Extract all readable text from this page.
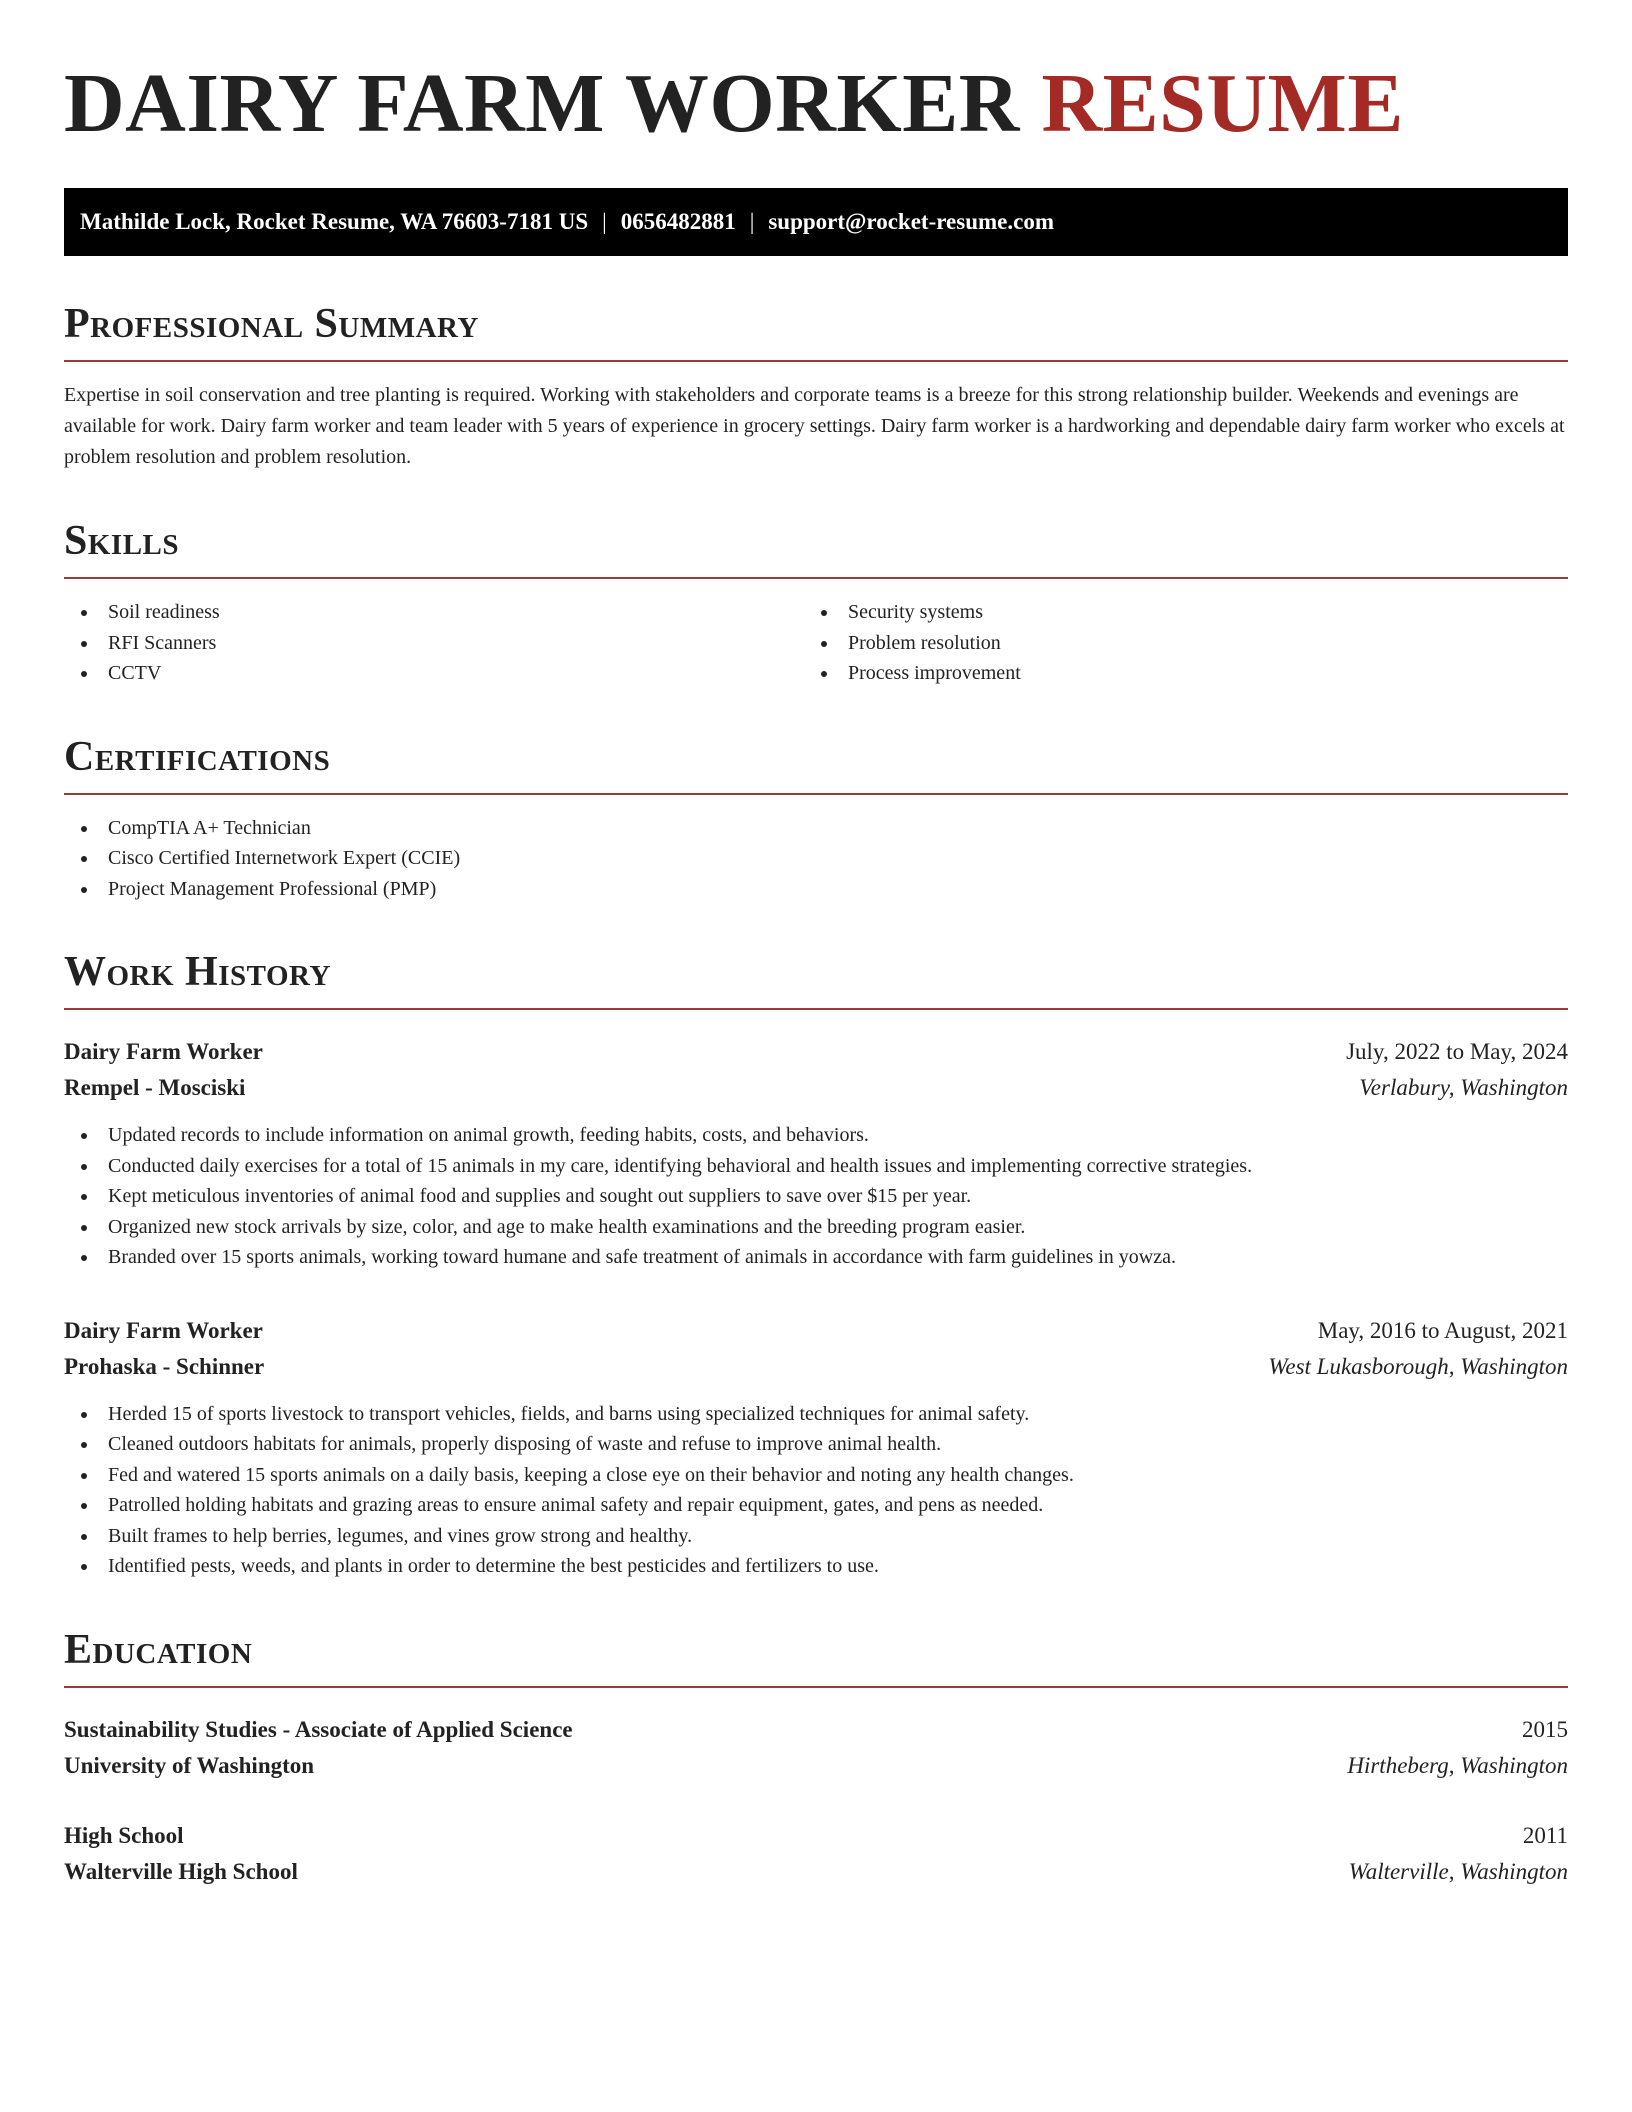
DAIRY FARM WORKER RESUME
Mathilde Lock, Rocket Resume, WA 76603-7181 US | 0656482881 | support@rocket-resume.com
Professional Summary

Expertise in soil conservation and tree planting is required. Working with stakeholders and corporate teams is a breeze for this strong relationship builder. Weekends and evenings are available for work. Dairy farm worker and team leader with 5 years of experience in grocery settings. Dairy farm worker is a hardworking and dependable dairy farm worker who excels at problem resolution and problem resolution.

Skills
Soil readiness
RFI Scanners
CCTV
Security systems
Problem resolution
Process improvement
Certifications
CompTIA A+ Technician
Cisco Certified Internetwork Expert (CCIE)
Project Management Professional (PMP)
Work History
Dairy Farm Worker	July, 2022 to May, 2024
Rempel - Mosciski	Verlabury, Washington
Updated records to include information on animal growth, feeding habits, costs, and behaviors.
Conducted daily exercises for a total of 15 animals in my care, identifying behavioral and health issues and implementing corrective strategies.
Kept meticulous inventories of animal food and supplies and sought out suppliers to save over $15 per year.
Organized new stock arrivals by size, color, and age to make health examinations and the breeding program easier.
Branded over 15 sports animals, working toward humane and safe treatment of animals in accordance with farm guidelines in yowza.
Dairy Farm Worker	May, 2016 to August, 2021
Prohaska - Schinner	West Lukasborough, Washington
Herded 15 of sports livestock to transport vehicles, fields, and barns using specialized techniques for animal safety.
Cleaned outdoors habitats for animals, properly disposing of waste and refuse to improve animal health.
Fed and watered 15 sports animals on a daily basis, keeping a close eye on their behavior and noting any health changes.
Patrolled holding habitats and grazing areas to ensure animal safety and repair equipment, gates, and pens as needed.
Built frames to help berries, legumes, and vines grow strong and healthy.
Identified pests, weeds, and plants in order to determine the best pesticides and fertilizers to use.
Education
Sustainability Studies - Associate of Applied Science	2015
University of Washington	Hirtheberg, Washington
High School	2011
Walterville High School	Walterville, Washington
